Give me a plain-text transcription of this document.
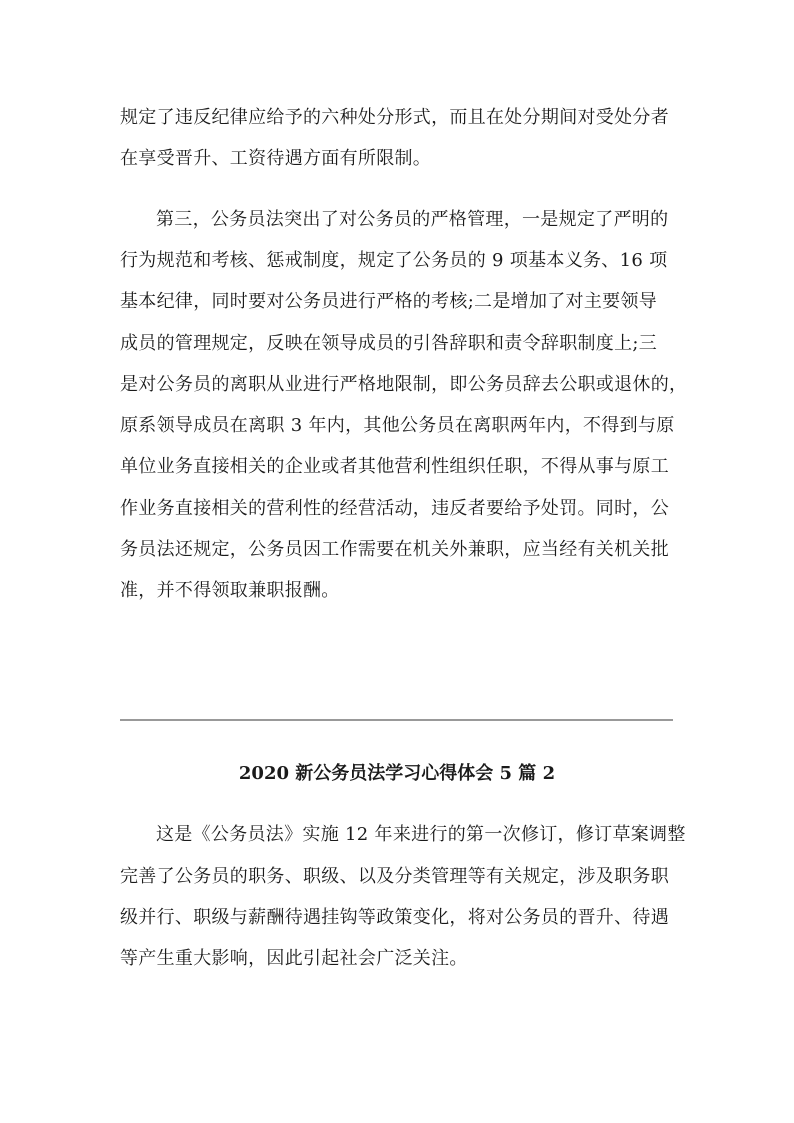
规定了违反纪律应给予的六种处分形式，而且在处分期间对受处分者
在享受晋升、工资待遇方面有所限制。
第三，公务员法突出了对公务员的严格管理，一是规定了严明的
行为规范和考核、惩戒制度，规定了公务员的 9 项基本义务、16 项
基本纪律，同时要对公务员进行严格的考核;二是增加了对主要领导
成员的管理规定，反映在领导成员的引咎辞职和责令辞职制度上;三
是对公务员的离职从业进行严格地限制，即公务员辞去公职或退休的，
原系领导成员在离职 3 年内，其他公务员在离职两年内，不得到与原
单位业务直接相关的企业或者其他营利性组织任职，不得从事与原工
作业务直接相关的营利性的经营活动，违反者要给予处罚。同时，公
务员法还规定，公务员因工作需要在机关外兼职，应当经有关机关批
准，并不得领取兼职报酬。
2020 新公务员法学习心得体会 5 篇 2
这是《公务员法》实施 12 年来进行的第一次修订，修订草案调整
完善了公务员的职务、职级、以及分类管理等有关规定，涉及职务职
级并行、职级与薪酬待遇挂钩等政策变化，将对公务员的晋升、待遇
等产生重大影响，因此引起社会广泛关注。
